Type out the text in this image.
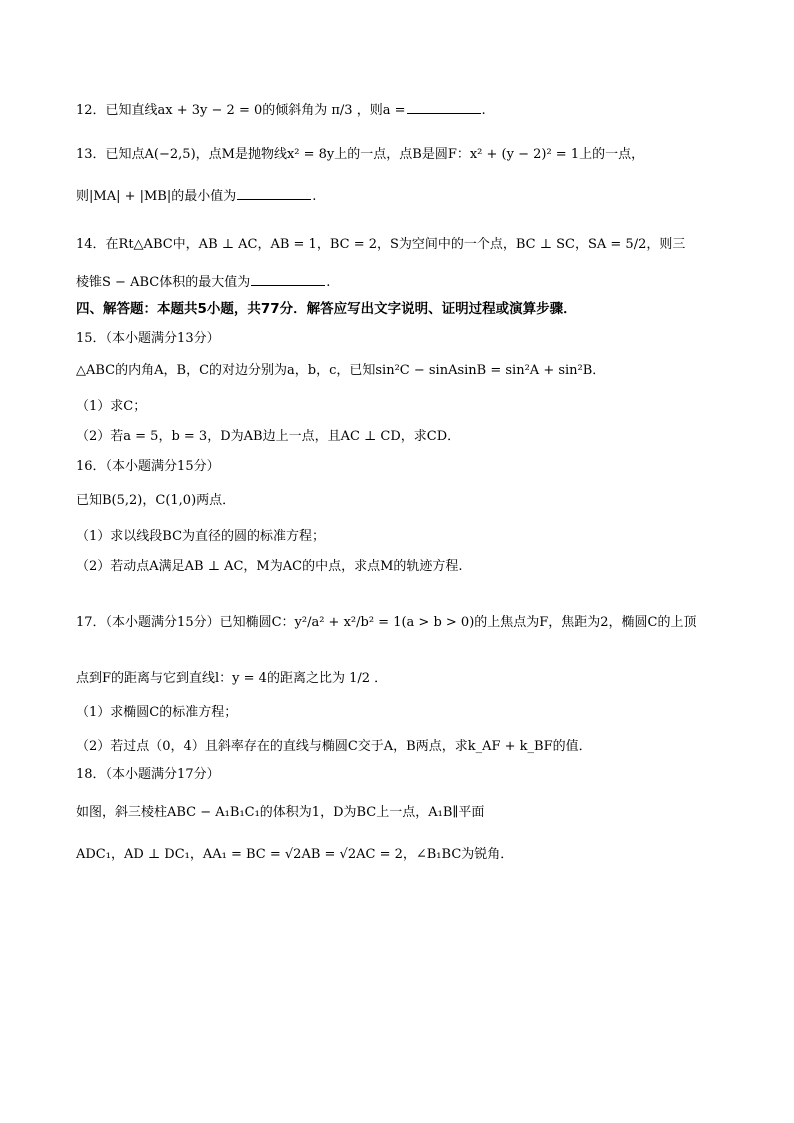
12．已知直线ax + 3y − 2 = 0的倾斜角为 π/3 ，则a =	.
13．已知点A(−2,5)，点M是抛物线x² = 8y上的一点，点B是圆F：x² + (y − 2)² = 1上的一点，
则|MA| + |MB|的最小值为	.
14．在Rt△ABC中，AB ⊥ AC，AB = 1，BC = 2，S为空间中的一个点，BC ⊥ SC，SA = 5/2，则三
棱锥S − ABC体积的最大值为	.
四、解答题：本题共5小题，共77分．解答应写出文字说明、证明过程或演算步骤．
15．（本小题满分13分）
△ABC的内角A，B，C的对边分别为a，b，c，已知sin²C − sinAsinB = sin²A + sin²B．
（1）求C；
（2）若a = 5，b = 3，D为AB边上一点，且AC ⊥ CD，求CD．
16．（本小题满分15分）
已知B(5,2)，C(1,0)两点．
（1）求以线段BC为直径的圆的标准方程；
（2）若动点A满足AB ⊥ AC，M为AC的中点，求点M的轨迹方程.
17．（本小题满分15分）已知椭圆C：y²/a² + x²/b² = 1(a > b > 0)的上焦点为F，焦距为2，椭圆C的上顶
点到F的距离与它到直线l：y = 4的距离之比为 1/2 ．
（1）求椭圆C的标准方程；
（2）若过点（0，4）且斜率存在的直线与椭圆C交于A，B两点，求k_AF + k_BF的值．
18．（本小题满分17分）
如图，斜三棱柱ABC − A₁B₁C₁的体积为1，D为BC上一点，A₁B∥平面
ADC₁，AD ⊥ DC₁，AA₁ = BC = √2AB = √2AC = 2，∠B₁BC为锐角．
